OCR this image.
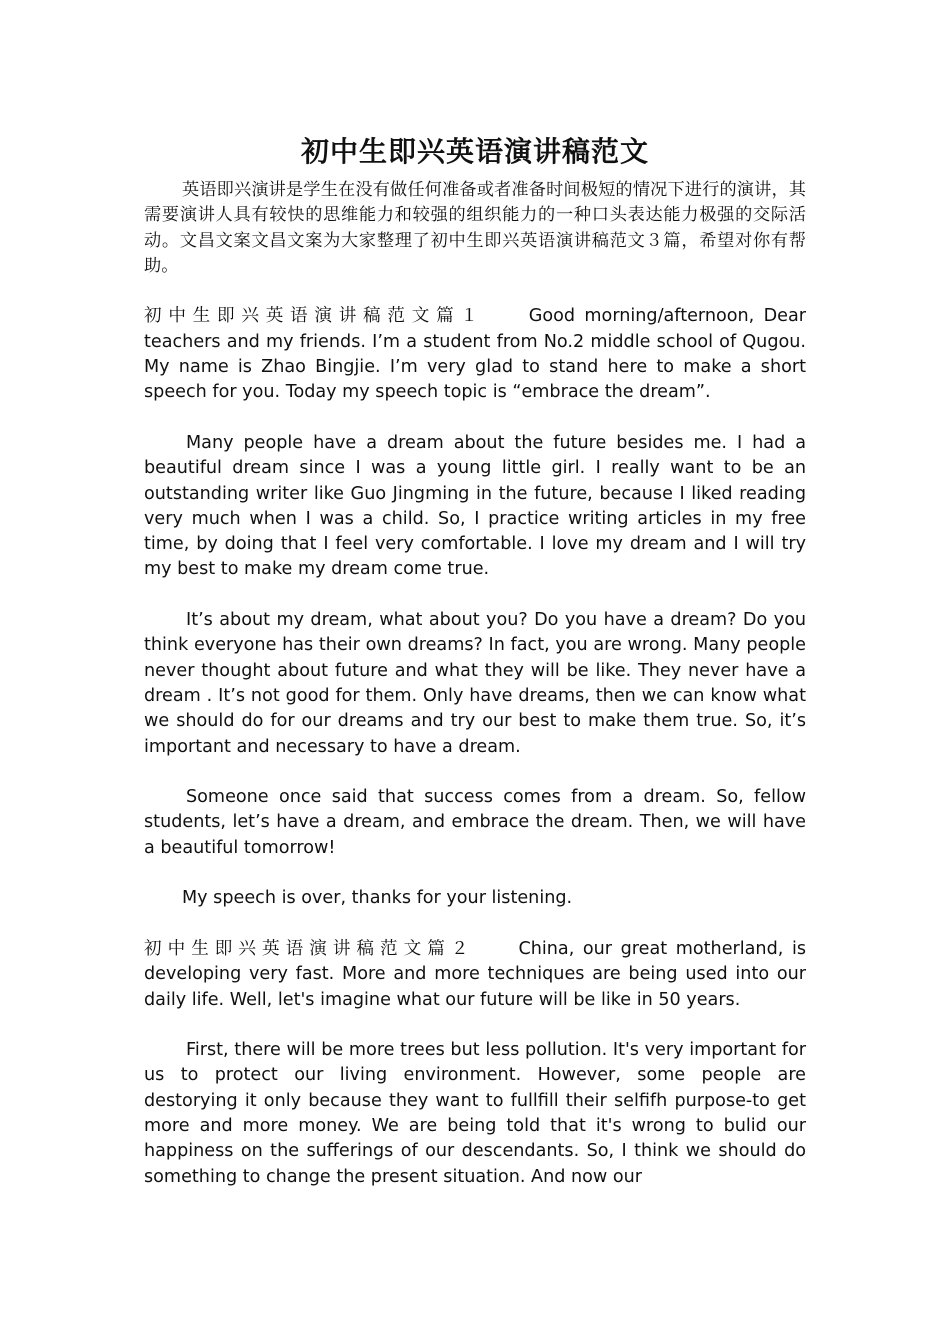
初中生即兴英语演讲稿范文

英语即兴演讲是学生在没有做任何准备或者准备时间极短的情况下进行的演讲，其需要演讲人具有较快的思维能力和较强的组织能力的一种口头表达能力极强的交际活动。文昌文案文昌文案为大家整理了初中生即兴英语演讲稿范文３篇，希望对你有帮助。

初中生即兴英语演讲稿范文篇１	Good morning/afternoon, Dear teachers and my friends. I’m a student from No.2 middle school of Qugou. My name is Zhao Bingjie. I’m very glad to stand here to make a short speech for you. Today my speech topic is “embrace the dream”.

Many people have a dream about the future besides me. I had a beautiful dream since I was a young little girl. I really want to be an outstanding writer like Guo Jingming in the future, because I liked reading very much when I was a child. So, I practice writing articles in my free time, by doing that I feel very comfortable. I love my dream and I will try my best to make my dream come true.

It’s about my dream, what about you? Do you have a dream? Do you think everyone has their own dreams? In fact, you are wrong. Many people never thought about future and what they will be like. They never have a dream . It’s not good for them. Only have dreams, then we can know what we should do for our dreams and try our best to make them true. So, it’s important and necessary to have a dream.

Someone once said that success comes from a dream. So, fellow students, let’s have a dream, and embrace the dream. Then, we will have a beautiful tomorrow!

My speech is over, thanks for your listening.

初中生即兴英语演讲稿范文篇２	China, our great motherland, is developing very fast. More and more techniques are being used into our daily life. Well, let's imagine what our future will be like in 50 years.

First, there will be more trees but less pollution. It's very important for us to protect our living environment. However, some people are destorying it only because they want to fullfill their selfifh purpose-to get more and more money. We are being told that it's wrong to bulid our happiness on the sufferings of our descendants. So, I think we should do something to change the present situation. And now our
